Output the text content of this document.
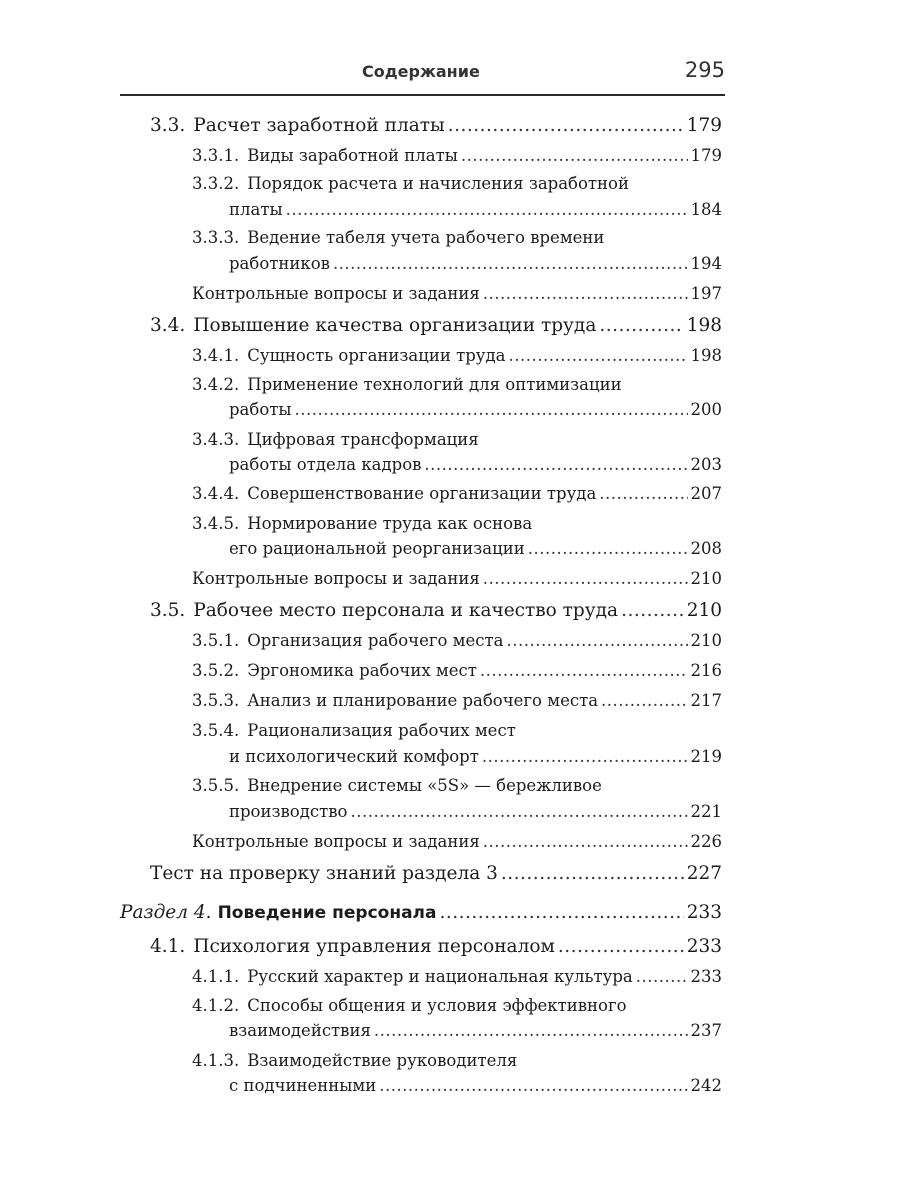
Содержание	295
3.3. Расчет заработной платы .....	179
3.3.1. Виды заработной платы .....	179
3.3.2. Порядок расчета и начисления заработной
платы .....	184
3.3.3. Ведение табеля учета рабочего времени
работников .....	194
Контрольные вопросы и задания .....	197
3.4. Повышение качества организации труда .....	198
3.4.1. Сущность организации труда .....	198
3.4.2. Применение технологий для оптимизации
работы .....	200
3.4.3. Цифровая трансформация
работы отдела кадров .....	203
3.4.4. Совершенствование организации труда .....	207
3.4.5. Нормирование труда как основа
его рациональной реорганизации .....	208
Контрольные вопросы и задания .....	210
3.5. Рабочее место персонала и качество труда .....	210
3.5.1. Организация рабочего места .....	210
3.5.2. Эргономика рабочих мест .....	216
3.5.3. Анализ и планирование рабочего места .....	217
3.5.4. Рационализация рабочих мест
и психологический комфорт .....	219
3.5.5. Внедрение системы «5S» — бережливое
производство .....	221
Контрольные вопросы и задания .....	226
Тест на проверку знаний раздела 3 .....	227
Раздел 4. Поведение персонала .....	233
4.1. Психология управления персоналом .....	233
4.1.1. Русский характер и национальная культура .....	233
4.1.2. Способы общения и условия эффективного
взаимодействия .....	237
4.1.3. Взаимодействие руководителя
с подчиненными .....	242
